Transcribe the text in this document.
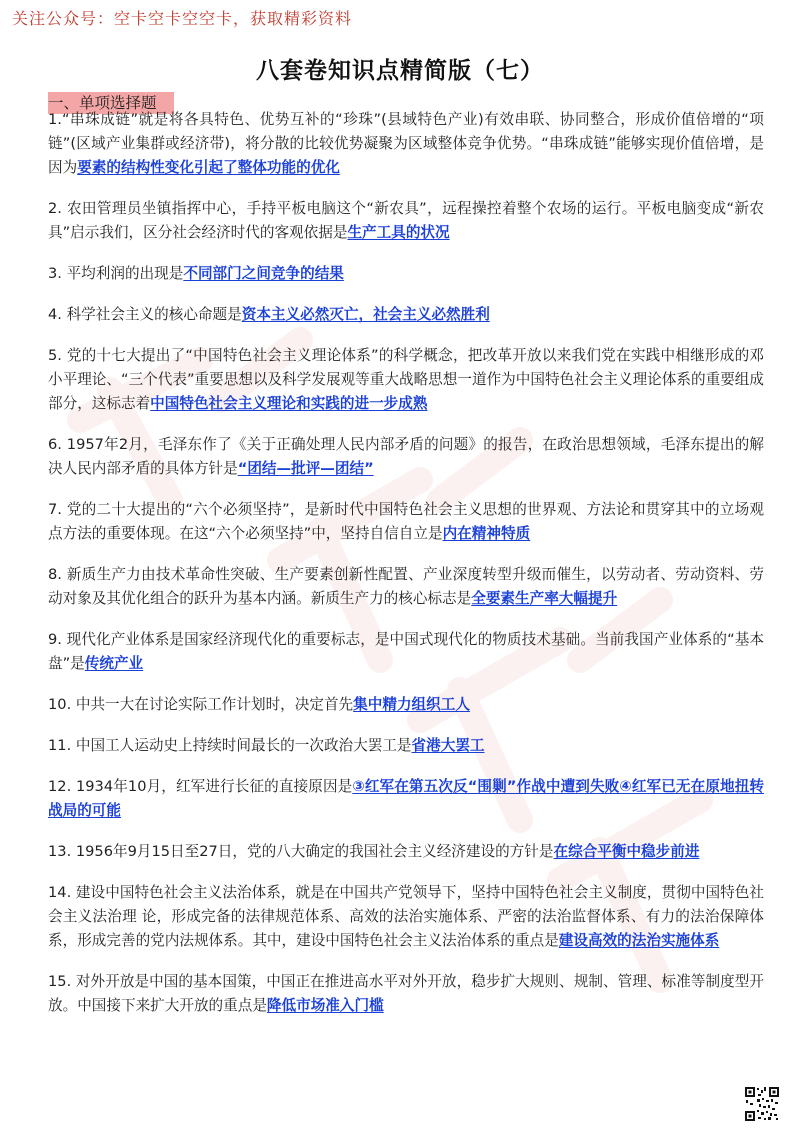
关注公众号：空卡空卡空空卡，获取精彩资料
八套卷知识点精简版（七）
一、单项选择题

1.“串珠成链”就是将各具特色、优势互补的“珍珠”(县域特色产业)有效串联、协同整合，形成价值倍增的“项链”(区域产业集群或经济带)，将分散的比较优势凝聚为区域整体竞争优势。“串珠成链”能够实现价值倍增，是因为要素的结构性变化引起了整体功能的优化

2. 农田管理员坐镇指挥中心，手持平板电脑这个“新农具”，远程操控着整个农场的运行。平板电脑变成“新农具”启示我们，区分社会经济时代的客观依据是生产工具的状况

3. 平均利润的出现是不同部门之间竞争的结果

4. 科学社会主义的核心命题是资本主义必然灭亡，社会主义必然胜利

5. 党的十七大提出了“中国特色社会主义理论体系”的科学概念，把改革开放以来我们党在实践中相继形成的邓小平理论、“三个代表”重要思想以及科学发展观等重大战略思想一道作为中国特色社会主义理论体系的重要组成部分，这标志着中国特色社会主义理论和实践的进一步成熟

6. 1957年2月，毛泽东作了《关于正确处理人民内部矛盾的问题》的报告，在政治思想领域，毛泽东提出的解决人民内部矛盾的具体方针是“团结—批评—团结”

7. 党的二十大提出的“六个必须坚持”，是新时代中国特色社会主义思想的世界观、方法论和贯穿其中的立场观点方法的重要体现。在这“六个必须坚持”中，坚持自信自立是内在精神特质

8. 新质生产力由技术革命性突破、生产要素创新性配置、产业深度转型升级而催生，以劳动者、劳动资料、劳动对象及其优化组合的跃升为基本内涵。新质生产力的核心标志是全要素生产率大幅提升

9. 现代化产业体系是国家经济现代化的重要标志，是中国式现代化的物质技术基础。当前我国产业体系的“基本盘”是传统产业

10. 中共一大在讨论实际工作计划时，决定首先集中精力组织工人

11. 中国工人运动史上持续时间最长的一次政治大罢工是省港大罢工

12. 1934年10月，红军进行长征的直接原因是③红军在第五次反“围剿”作战中遭到失败④红军已无在原地扭转战局的可能

13. 1956年9月15日至27日，党的八大确定的我国社会主义经济建设的方针是在综合平衡中稳步前进

14. 建设中国特色社会主义法治体系，就是在中国共产党领导下，坚持中国特色社会主义制度，贯彻中国特色社会主义法治理 论，形成完备的法律规范体系、高效的法治实施体系、严密的法治监督体系、有力的法治保障体系，形成完善的党内法规体系。其中，建设中国特色社会主义法治体系的重点是建设高效的法治实施体系

15. 对外开放是中国的基本国策，中国正在推进高水平对外开放，稳步扩大规则、规制、管理、标准等制度型开放。中国接下来扩大开放的重点是降低市场准入门槛
